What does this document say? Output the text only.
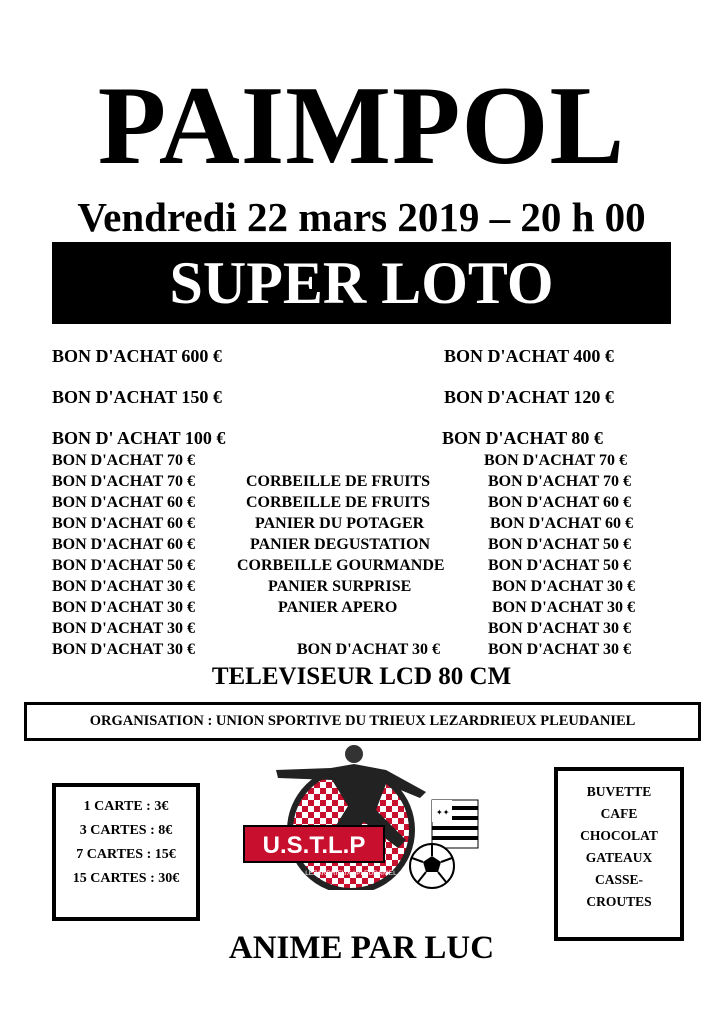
PAIMPOL
Vendredi 22 mars 2019 – 20 h 00
SUPER LOTO
BON D'ACHAT 600 €
BON D'ACHAT 150 €
BON D' ACHAT 100 €
BON D'ACHAT 400 €
BON D'ACHAT 120 €
BON D'ACHAT 80 €
BON D'ACHAT 70 €
BON D'ACHAT 70 €
BON D'ACHAT 60 €
BON D'ACHAT 60 €
BON D'ACHAT 60 €
BON D'ACHAT 50 €
BON D'ACHAT 30 €
BON D'ACHAT 30 €
BON D'ACHAT 30 €
BON D'ACHAT 30 €
CORBEILLE DE FRUITS
CORBEILLE DE FRUITS
PANIER DU POTAGER
PANIER DEGUSTATION
CORBEILLE GOURMANDE
PANIER SURPRISE
PANIER APERO
BON D'ACHAT 30 €
BON D'ACHAT 70 €
BON D'ACHAT 70 €
BON D'ACHAT 60 €
BON D'ACHAT 60 €
BON D'ACHAT 50 €
BON D'ACHAT 50 €
BON D'ACHAT 30 €
BON D'ACHAT 30 €
BON D'ACHAT 30 €
BON D'ACHAT 30 €
TELEVISEUR LCD 80 CM
ORGANISATION : UNION SPORTIVE DU TRIEUX LEZARDRIEUX PLEUDANIEL
1 CARTE : 3€
3 CARTES : 8€
7 CARTES : 15€
15 CARTES : 30€
BUVETTE
CAFE
CHOCOLAT
GATEAUX
CASSE-
CROUTES
✦✦
U.S.T.L.P
LEZARDRIEUX / PLEUDANIEL
ANIME PAR LUC
